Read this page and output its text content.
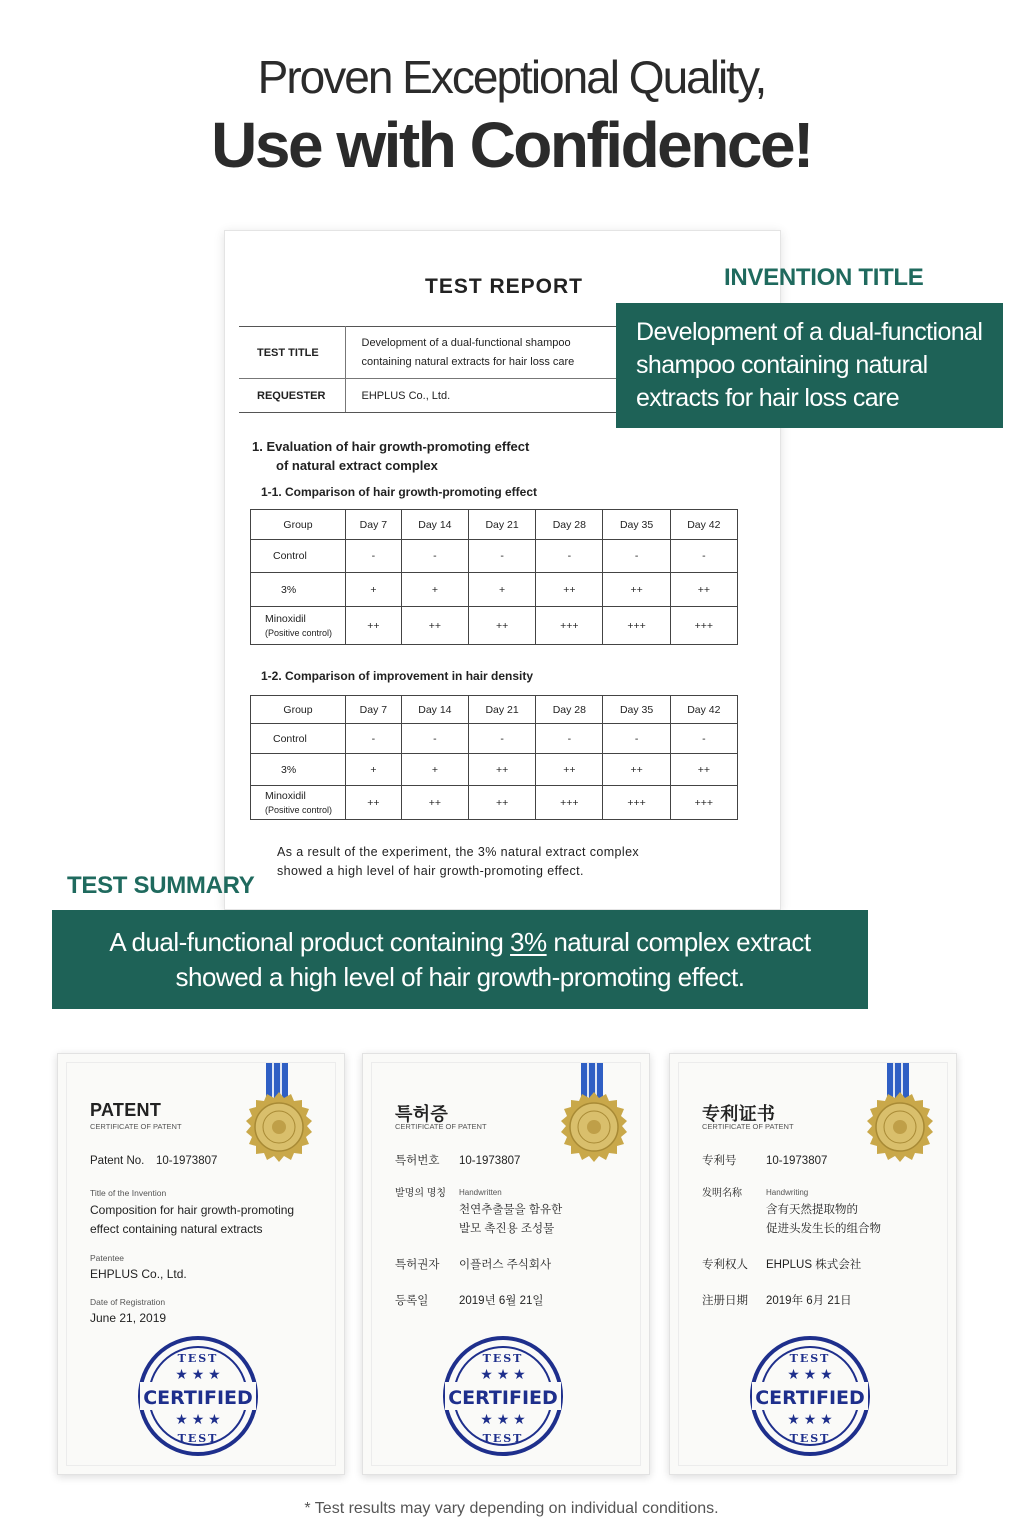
Proven Exceptional Quality,
Use with Confidence!
TEST REPORT
TEST TITLE	Development of a dual-functional shampoo
containing natural extracts for hair loss care

REQUESTER	EHPLUS Co., Ltd.
1. Evaluation of hair growth-promoting effect
of natural extract complex
1-1. Comparison of hair growth-promoting effect
Group	Day 7	Day 14	Day 21	Day 28	Day 35	Day 42
Control	-	-	-	-	-	-
3%	+	+	+	++	++	++

Minoxidil
(Positive control)	++	++	++	+++	+++	+++
1-2. Comparison of improvement in hair density
Group	Day 7	Day 14	Day 21	Day 28	Day 35	Day 42
Control	-	-	-	-	-	-
3%	+	+	++	++	++	++

Minoxidil
(Positive control)	++	++	++	+++	+++	+++
As a result of the experiment, the 3% natural extract complex
showed a high level of hair growth-promoting effect.
INVENTION TITLE
Development of a dual-functional
shampoo containing natural
extracts for hair loss care
TEST SUMMARY
A dual-functional product containing 3% natural complex extract
showed a high level of hair growth-promoting effect.
PATENT
CERTIFICATE OF PATENT
Patent No. 10-1973807
Title of the Invention
Composition for hair growth-promoting
effect containing natural extracts
Patentee
EHPLUS Co., Ltd.
Date of Registration
June 21, 2019
TEST
★ ★ ★
CERTIFIED
★ ★ ★
TEST
특허증
CERTIFICATE OF PATENT
특허번호 10-1973807
발명의 명칭 Handwritten
천연추출물을 함유한
발모 촉진용 조성물
특허권자 이플러스 주식회사
등록일	2019년 6월 21일
TEST
★ ★ ★
CERTIFIED
★ ★ ★
TEST
专利证书
CERTIFICATE OF PATENT
专利号	10-1973807
发明名称	Handwriting
含有天然提取物的
促进头发生长的组合物
专利权人 EHPLUS 株式会社
注册日期 2019年 6月 21日
TEST
★ ★ ★
CERTIFIED
★ ★ ★
TEST
* Test results may vary depending on individual conditions.
